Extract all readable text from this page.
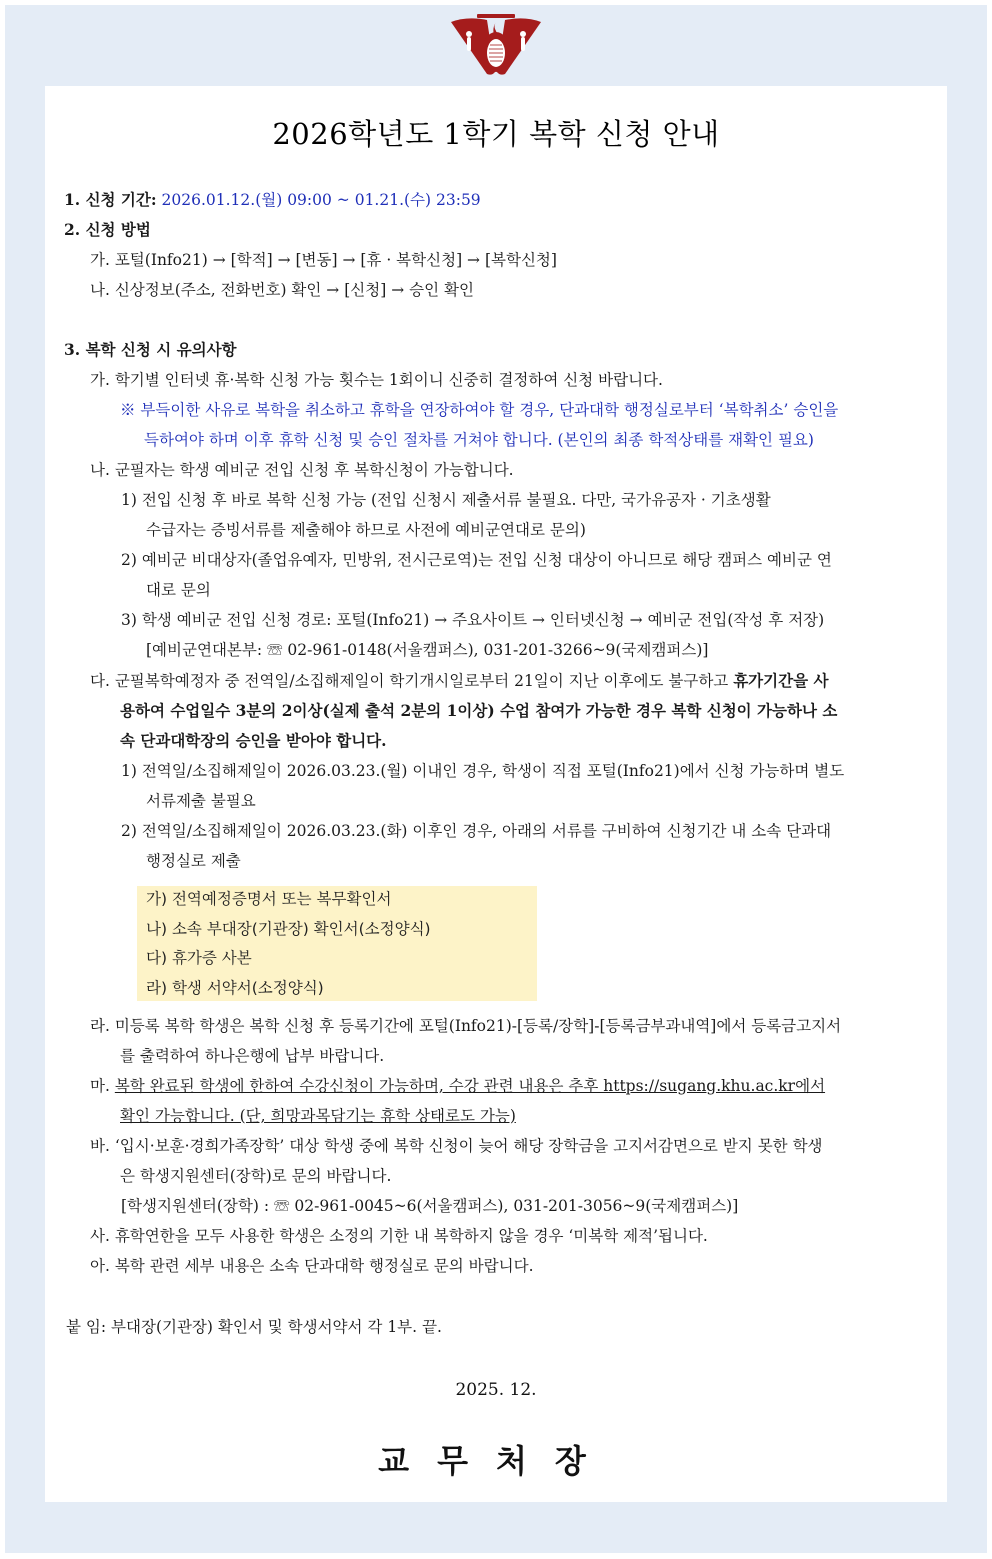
2026학년도 1학기 복학 신청 안내
1. 신청 기간: 2026.01.12.(월) 09:00 ~ 01.21.(수) 23:59
2. 신청 방법
가. 포털(Info21) → [학적] → [변동] → [휴 · 복학신청] → [복학신청]
나. 신상정보(주소, 전화번호) 확인 → [신청] → 승인 확인
3. 복학 신청 시 유의사항
가. 학기별 인터넷 휴·복학 신청 가능 횟수는 1회이니 신중히 결정하여 신청 바랍니다.
※ 부득이한 사유로 복학을 취소하고 휴학을 연장하여야 할 경우, 단과대학 행정실로부터 ‘복학취소’ 승인을
득하여야 하며 이후 휴학 신청 및 승인 절차를 거쳐야 합니다. (본인의 최종 학적상태를 재확인 필요)
나. 군필자는 학생 예비군 전입 신청 후 복학신청이 가능합니다.
1) 전입 신청 후 바로 복학 신청 가능 (전입 신청시 제출서류 불필요. 다만, 국가유공자 · 기초생활
수급자는 증빙서류를 제출해야 하므로 사전에 예비군연대로 문의)
2) 예비군 비대상자(졸업유예자, 민방위, 전시근로역)는 전입 신청 대상이 아니므로 해당 캠퍼스 예비군 연
대로 문의
3) 학생 예비군 전입 신청 경로: 포털(Info21) → 주요사이트 → 인터넷신청 → 예비군 전입(작성 후 저장)
[예비군연대본부: ☏ 02-961-0148(서울캠퍼스), 031-201-3266~9(국제캠퍼스)]
다. 군필복학예정자 중 전역일/소집해제일이 학기개시일로부터 21일이 지난 이후에도 불구하고 휴가기간을 사
용하여 수업일수 3분의 2이상(실제 출석 2분의 1이상) 수업 참여가 가능한 경우 복학 신청이 가능하나 소
속 단과대학장의 승인을 받아야 합니다.
1) 전역일/소집해제일이 2026.03.23.(월) 이내인 경우, 학생이 직접 포털(Info21)에서 신청 가능하며 별도
서류제출 불필요
2) 전역일/소집해제일이 2026.03.23.(화) 이후인 경우, 아래의 서류를 구비하여 신청기간 내 소속 단과대
행정실로 제출
가) 전역예정증명서 또는 복무확인서
나) 소속 부대장(기관장) 확인서(소정양식)
다) 휴가증 사본
라) 학생 서약서(소정양식)
라. 미등록 복학 학생은 복학 신청 후 등록기간에 포털(Info21)-[등록/장학]-[등록금부과내역]에서 등록금고지서
를 출력하여 하나은행에 납부 바랍니다.
마. 복학 완료된 학생에 한하여 수강신청이 가능하며, 수강 관련 내용은 추후 https://sugang.khu.ac.kr에서
확인 가능합니다. (단, 희망과목담기는 휴학 상태로도 가능)
바. ‘입시·보훈·경희가족장학’ 대상 학생 중에 복학 신청이 늦어 해당 장학금을 고지서감면으로 받지 못한 학생
은 학생지원센터(장학)로 문의 바랍니다.
[학생지원센터(장학) : ☏ 02-961-0045~6(서울캠퍼스), 031-201-3056~9(국제캠퍼스)]
사. 휴학연한을 모두 사용한 학생은 소정의 기한 내 복학하지 않을 경우 ‘미복학 제적’됩니다.
아. 복학 관련 세부 내용은 소속 단과대학 행정실로 문의 바랍니다.
붙 임: 부대장(기관장) 확인서 및 학생서약서 각 1부. 끝.
2025. 12.
교무처장
